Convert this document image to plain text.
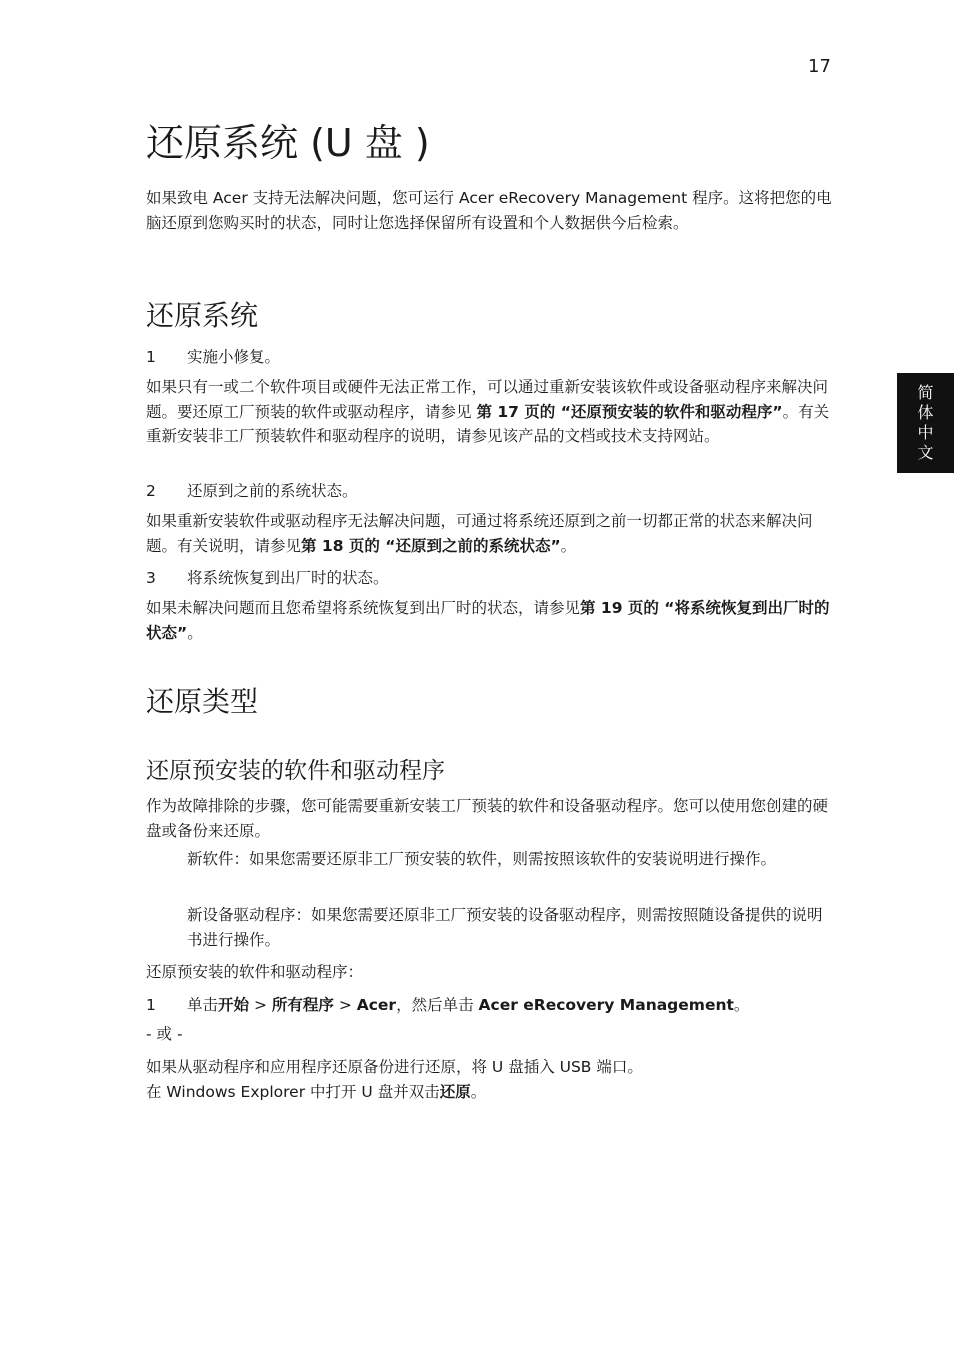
17
简
体
中
文
还原系统 (U 盘 )

如果致电 Acer 支持无法解决问题，您可运行 Acer eRecovery Management 程序。这将把您的电脑还原到您购买时的状态，同时让您选择保留所有设置和个人数据供今后检索。

还原系统

1 实施小修复。

如果只有一或二个软件项目或硬件无法正常工作，可以通过重新安装该软件或设备驱动程序来解决问题。要还原工厂预装的软件或驱动程序，请参见 第 17 页的 “还原预安装的软件和驱动程序”。有关重新安装非工厂预装软件和驱动程序的说明，请参见该产品的文档或技术支持网站。

2 还原到之前的系统状态。

如果重新安装软件或驱动程序无法解决问题，可通过将系统还原到之前一切都正常的状态来解决问题。有关说明，请参见第 18 页的 “还原到之前的系统状态”。

3 将系统恢复到出厂时的状态。

如果未解决问题而且您希望将系统恢复到出厂时的状态，请参见第 19 页的 “将系统恢复到出厂时的状态”。

还原类型
还原预安装的软件和驱动程序

作为故障排除的步骤，您可能需要重新安装工厂预装的软件和设备驱动程序。您可以使用您创建的硬盘或备份来还原。

新软件：如果您需要还原非工厂预安装的软件，则需按照该软件的安装说明进行操作。

新设备驱动程序：如果您需要还原非工厂预安装的设备驱动程序，则需按照随设备提供的说明书进行操作。

还原预安装的软件和驱动程序：

1 单击开始 > 所有程序 > Acer，然后单击 Acer eRecovery Management。

- 或 -

如果从驱动程序和应用程序还原备份进行还原，将 U 盘插入 USB 端口。

在 Windows Explorer 中打开 U 盘并双击还原。
